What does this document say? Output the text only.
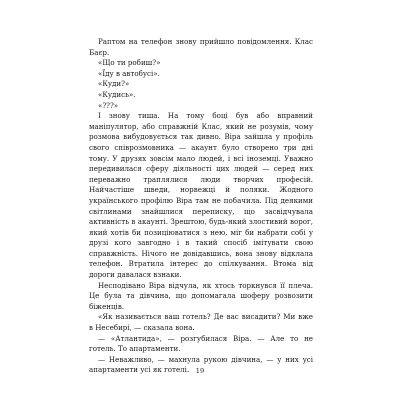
Раптом на телефон знову прийшло повідомлення. Клас Баєр.

«Що ти робиш?»

«Їду в автобусі».

«Куди?»

«Кудись».

«???»

І знову тиша. На тому боці був або вправний маніпулятор, або справжній Клас, який не розумів, чому розмова вибудовується так дивно. Віра зайшла у профіль свого співрозмовника — акаунт було створено три дні тому. У друзях зовсім мало людей, і всі іноземці. Уважно передивилася сферу діяльності цих людей — серед них переважно траплялися люди творчих професій. Найчастіше шведи, норвежці й поляки. Жодного українського профілю Віра там не побачила. Під деякими світлинами знайшлися переписку, що засвідчувала активність в акаунті. Зрештою, будь-який злостивий ворог, який хотів би позиціюватися з нею, міг би набрати собі у друзі кого завгодно і в такий спосіб імітувати свою справжність. Нічого не довідавшись, вона знову відклала телефон. Втратила інтерес до спілкування. Втома від дороги давалася взнаки.

Несподівано Віра відчула, як хтось торкнувся її плеча. Це була та дівчина, що допомагала шоферу розвозити біженців.

«Як називається ваш готель? Де вас висадити? Ми вже в Несебирі, — сказала вона.

— «Атлантида», — розгубилася Віра. — Але то не готель. То апартаменти.

— Неважливо, — махнула рукою дівчина, — у них усі апартаменти усі як готелі. 19
